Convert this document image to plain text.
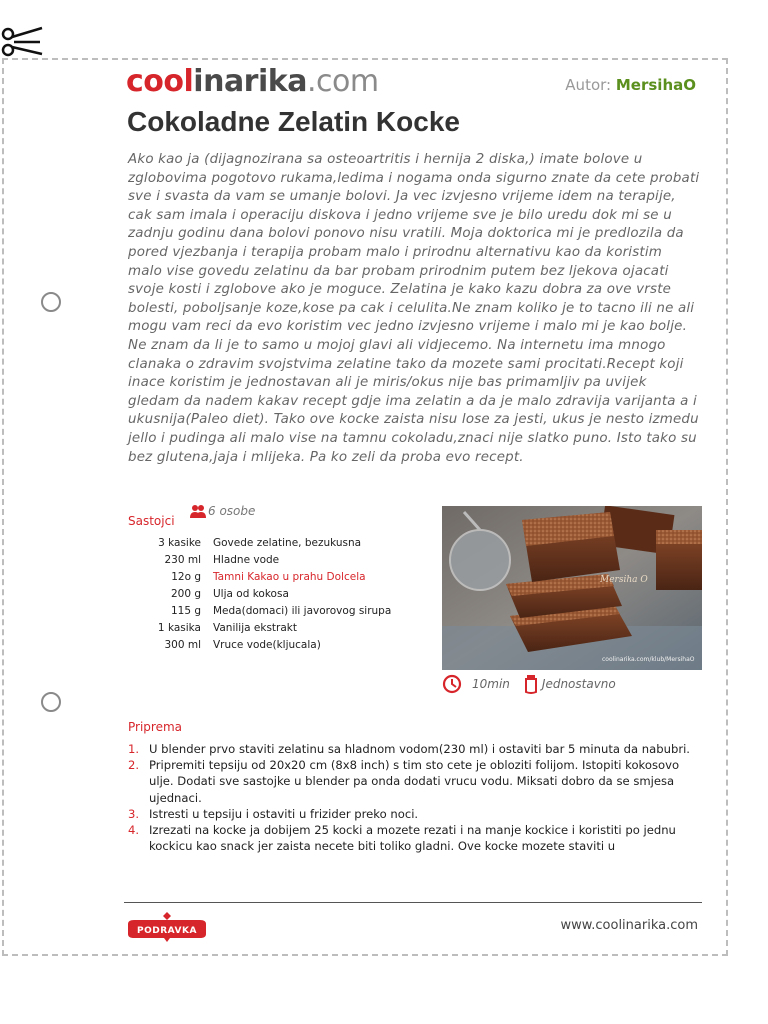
coolinarika.com	Autor: MersihaO
Cokoladne Zelatin Kocke

Ako kao ja (dijagnozirana sa osteoartritis i hernija 2 diska,) imate bolove u zglobovima pogotovo rukama,ledima i nogama onda sigurno znate da cete probati sve i svasta da vam se umanje bolovi. Ja vec izvjesno vrijeme idem na terapije, cak sam imala i operaciju diskova i jedno vrijeme sve je bilo uredu dok mi se u zadnju godinu dana bolovi ponovo nisu vratili. Moja doktorica mi je predlozila da pored vjezbanja i terapija probam malo i prirodnu alternativu kao da koristim malo vise govedu zelatinu da bar probam prirodnim putem bez ljekova ojacati svoje kosti i zglobove ako je moguce. Zelatina je kako kazu dobra za ove vrste bolesti, poboljsanje koze,kose pa cak i celulita.Ne znam koliko je to tacno ili ne ali mogu vam reci da evo koristim vec jedno izvjesno vrijeme i malo mi je kao bolje. Ne znam da li je to samo u mojoj glavi ali vidjecemo. Na internetu ima mnogo clanaka o zdravim svojstvima zelatine tako da mozete sami procitati.Recept koji inace koristim je jednostavan ali je miris/okus nije bas primamljiv pa uvijek gledam da nadem kakav recept gdje ima zelatin a da je malo zdravija varijanta a i ukusnija(Paleo diet). Tako ove kocke zaista nisu lose za jesti, ukus je nesto izmedu jello i pudinga ali malo vise na tamnu cokoladu,znaci nije slatko puno. Isto tako su bez glutena,jaja i mlijeka. Pa ko zeli da proba evo recept.

Sastojci
6 osobe
3 kasike	Govede zelatine, bezukusna
230 ml	Hladne vode
12o g	Tamni Kakao u prahu Dolcela
200 g	Ulja od kokosa
115 g	Meda(domaci) ili javorovog sirupa
1 kasika	Vanilija ekstrakt
300 ml	Vruce vode(kljucala)
Mersiha O
coolinarika.com/klub/MersihaO
10min	Jednostavno
Priprema
1. U blender prvo staviti zelatinu sa hladnom vodom(230 ml) i ostaviti bar 5 minuta da nabubri.
2. Pripremiti tepsiju od 20x20 cm (8x8 inch) s tim sto cete je obloziti folijom. Istopiti kokosovo ulje. Dodati sve sastojke u blender pa onda dodati vrucu vodu. Miksati dobro da se smjesa ujednaci.
3. Istresti u tepsiju i ostaviti u frizider preko noci.
4. Izrezati na kocke ja dobijem 25 kocki a mozete rezati i na manje kockice i koristiti po jednu kockicu kao snack jer zaista necete biti toliko gladni. Ove kocke mozete staviti u
PODRAVKA	www.coolinarika.com
